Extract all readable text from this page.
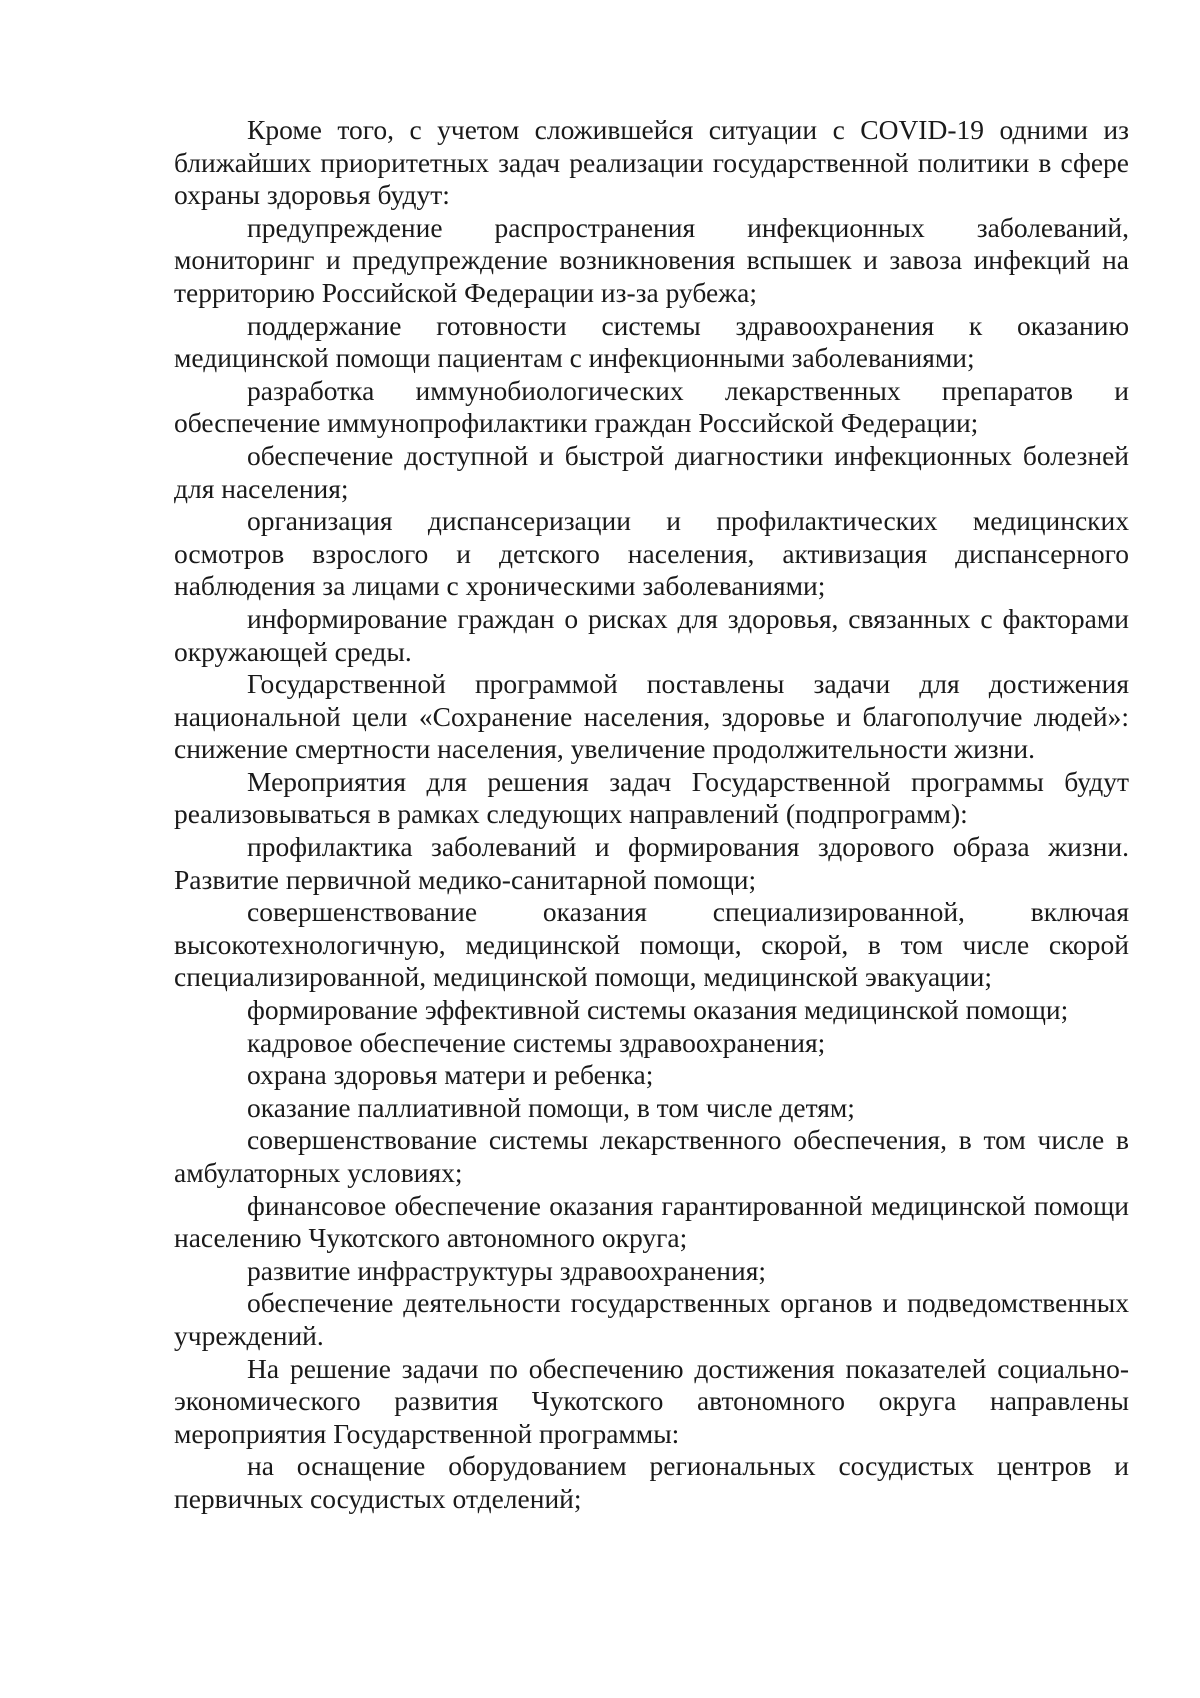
Кроме того, с учетом сложившейся ситуации с COVID-19 одними из ближайших приоритетных задач реализации государственной политики в сфере охраны здоровья будут:

предупреждение распространения инфекционных заболеваний, мониторинг и предупреждение возникновения вспышек и завоза инфекций на территорию Российской Федерации из-за рубежа;

поддержание готовности системы здравоохранения к оказанию медицинской помощи пациентам с инфекционными заболеваниями;

разработка иммунобиологических лекарственных препаратов и обеспечение иммунопрофилактики граждан Российской Федерации;

обеспечение доступной и быстрой диагностики инфекционных болезней для населения;

организация диспансеризации и профилактических медицинских осмотров взрослого и детского населения, активизация диспансерного наблюдения за лицами с хроническими заболеваниями;

информирование граждан о рисках для здоровья, связанных с факторами окружающей среды.

Государственной программой поставлены задачи для достижения национальной цели «Сохранение населения, здоровье и благополучие людей»: снижение смертности населения, увеличение продолжительности жизни.

Мероприятия для решения задач Государственной программы будут реализовываться в рамках следующих направлений (подпрограмм):

профилактика заболеваний и формирования здорового образа жизни. Развитие первичной медико-санитарной помощи;

совершенствование оказания специализированной, включая высокотехнологичную, медицинской помощи, скорой, в том числе скорой специализированной, медицинской помощи, медицинской эвакуации;

формирование эффективной системы оказания медицинской помощи;

кадровое обеспечение системы здравоохранения;

охрана здоровья матери и ребенка;

оказание паллиативной помощи, в том числе детям;

совершенствование системы лекарственного обеспечения, в том числе в амбулаторных условиях;

финансовое обеспечение оказания гарантированной медицинской помощи населению Чукотского автономного округа;

развитие инфраструктуры здравоохранения;

обеспечение деятельности государственных органов и подведомственных учреждений.

На решение задачи по обеспечению достижения показателей социально-экономического развития Чукотского автономного округа направлены мероприятия Государственной программы:

на оснащение оборудованием региональных сосудистых центров и первичных сосудистых отделений;
